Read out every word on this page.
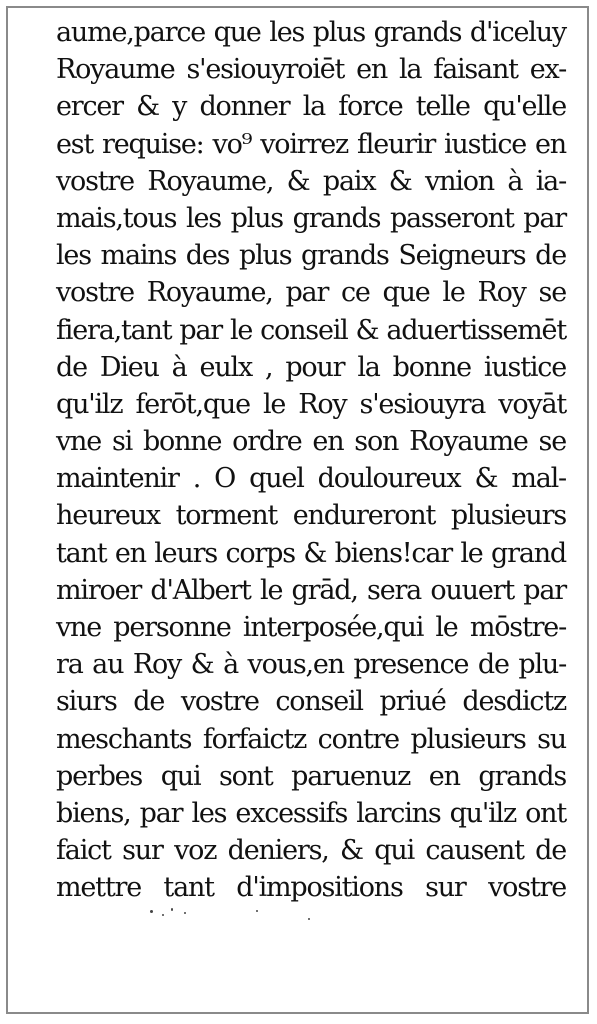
aume,parce que les plus grands d'iceluy
Royaume s'esiouyroiēt en la faisant ex-
ercer & y donner la force telle qu'elle
est requise: vo⁹ voirrez fleurir iustice en
vostre Royaume, & paix & vnion à ia-
mais,tous les plus grands passeront par
les mains des plus grands Seigneurs de
vostre Royaume, par ce que le Roy se
fiera,tant par le conseil & aduertissemēt
de Dieu à eulx , pour la bonne iustice
qu'ilz ferōt,que le Roy s'esiouyra voyāt
vne si bonne ordre en son Royaume se
maintenir . O quel douloureux & mal-
heureux torment endureront plusieurs
tant en leurs corps & biens!car le grand
miroer d'Albert le grād, sera ouuert par
vne personne interposée,qui le mōstre-
ra au Roy & à vous,en presence de plu-
siurs de vostre conseil priué desdictz
meschants forfaictz contre plusieurs su
perbes qui sont paruenuz en grands
biens, par les excessifs larcins qu'ilz ont
faict sur voz deniers, & qui causent de
mettre tant d'impositions sur vostre
